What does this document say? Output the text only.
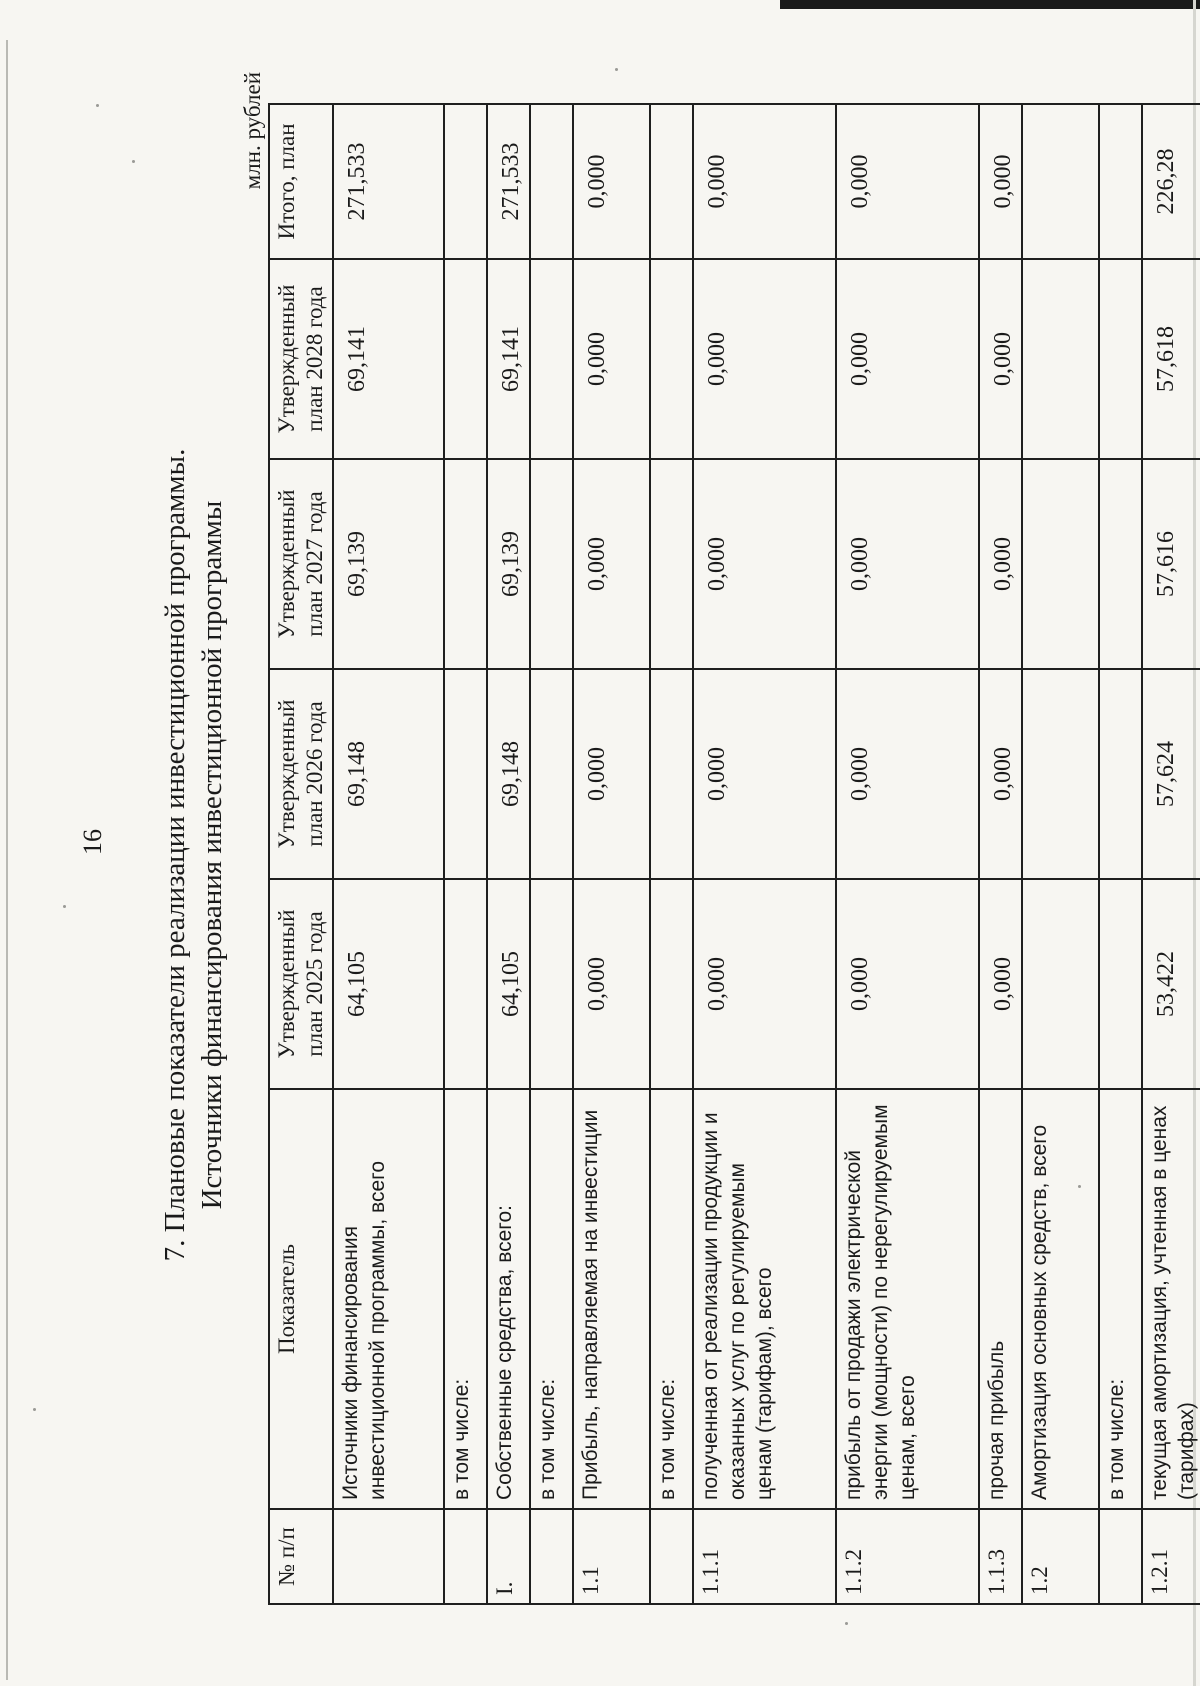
16 7. Плановые показатели реализации инвестиционной программы. Источники финансирования инвестиционной программы
млн. рублей
№ п/п	Показатель	Утвержденный план 2025 года	Утвержденный план 2026 года	Утвержденный план 2027 года	Утвержденный план 2028 года	Итого, план
	Источники финансирования инвестиционной программы, всего	64,105	69,148	69,139	69,141	271,533
	в том числе:					
I.	Собственные средства, всего:	64,105	69,148	69,139	69,141	271,533
	в том числе:					
1.1	Прибыль, направляемая на инвестиции	0,000	0,000	0,000	0,000	0,000
	в том числе:					
1.1.1	полученная от реализации продукции и оказанных услуг по регулируемым ценам (тарифам), всего	0,000	0,000	0,000	0,000	0,000
1.1.2	прибыль от продажи электрической энергии (мощности) по нерегулируемым ценам, всего	0,000	0,000	0,000	0,000	0,000
1.1.3	прочая прибыль	0,000	0,000	0,000	0,000	0,000
1.2	Амортизация основных средств, всего					
	в том числе:					
1.2.1	текущая амортизация, учтенная в ценах (тарифах)	53,422	57,624	57,616	57,618	226,28
